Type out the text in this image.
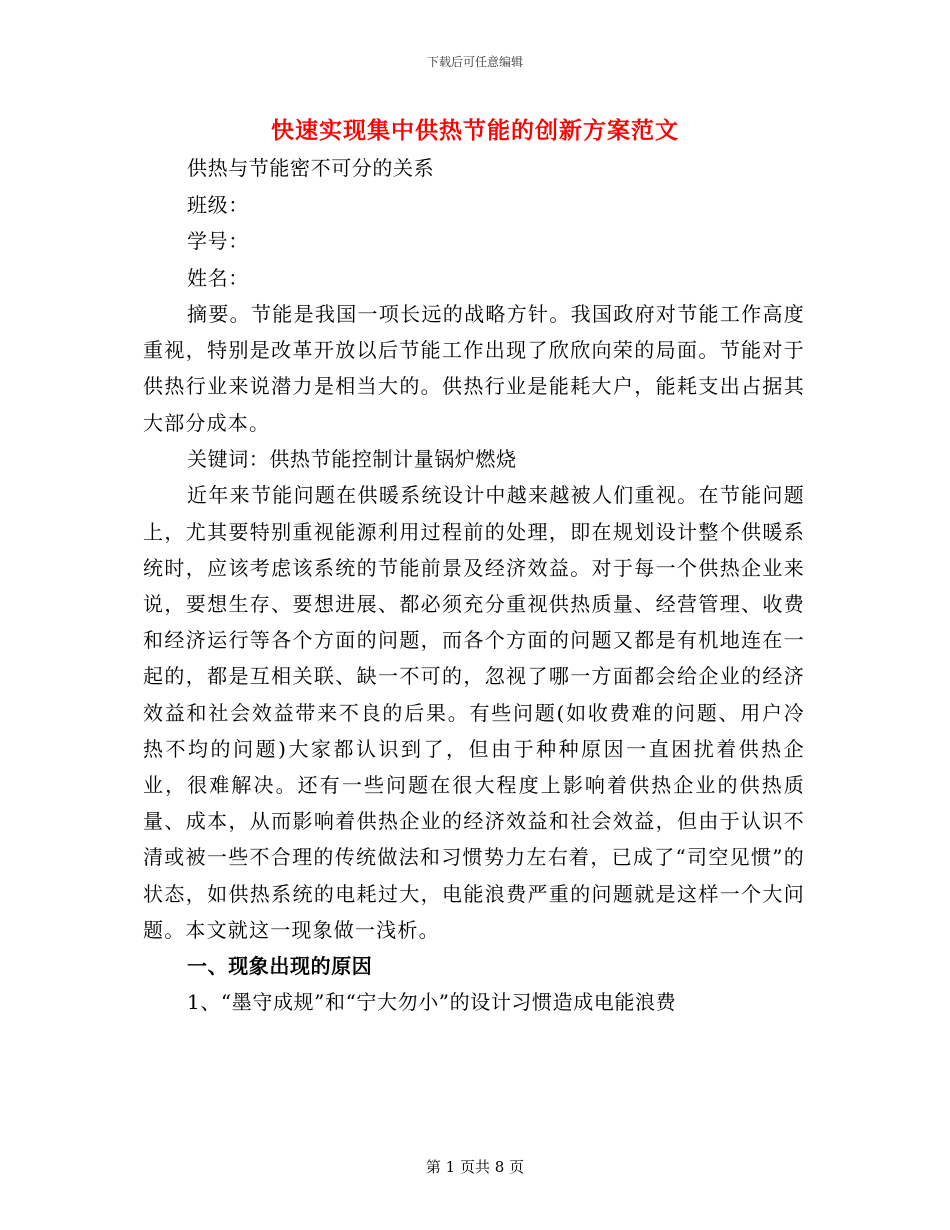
下载后可任意编辑
快速实现集中供热节能的创新方案范文
供热与节能密不可分的关系
班级：
学号：
姓名：

摘要。节能是我国一项长远的战略方针。我国政府对节能工作高度重视，特别是改革开放以后节能工作出现了欣欣向荣的局面。节能对于供热行业来说潜力是相当大的。供热行业是能耗大户，能耗支出占据其大部分成本。

关键词：供热节能控制计量锅炉燃烧

近年来节能问题在供暖系统设计中越来越被人们重视。在节能问题上，尤其要特别重视能源利用过程前的处理，即在规划设计整个供暖系统时，应该考虑该系统的节能前景及经济效益。对于每一个供热企业来说，要想生存、要想进展、都必须充分重视供热质量、经营管理、收费和经济运行等各个方面的问题，而各个方面的问题又都是有机地连在一起的，都是互相关联、缺一不可的，忽视了哪一方面都会给企业的经济效益和社会效益带来不良的后果。有些问题(如收费难的问题、用户冷热不均的问题)大家都认识到了，但由于种种原因一直困扰着供热企业，很难解决。还有一些问题在很大程度上影响着供热企业的供热质量、成本，从而影响着供热企业的经济效益和社会效益，但由于认识不清或被一些不合理的传统做法和习惯势力左右着，已成了“司空见惯”的状态，如供热系统的电耗过大，电能浪费严重的问题就是这样一个大问题。本文就这一现象做一浅析。

一、现象出现的原因
1、“墨守成规”和“宁大勿小”的设计习惯造成电能浪费
第 1 页共 8 页
